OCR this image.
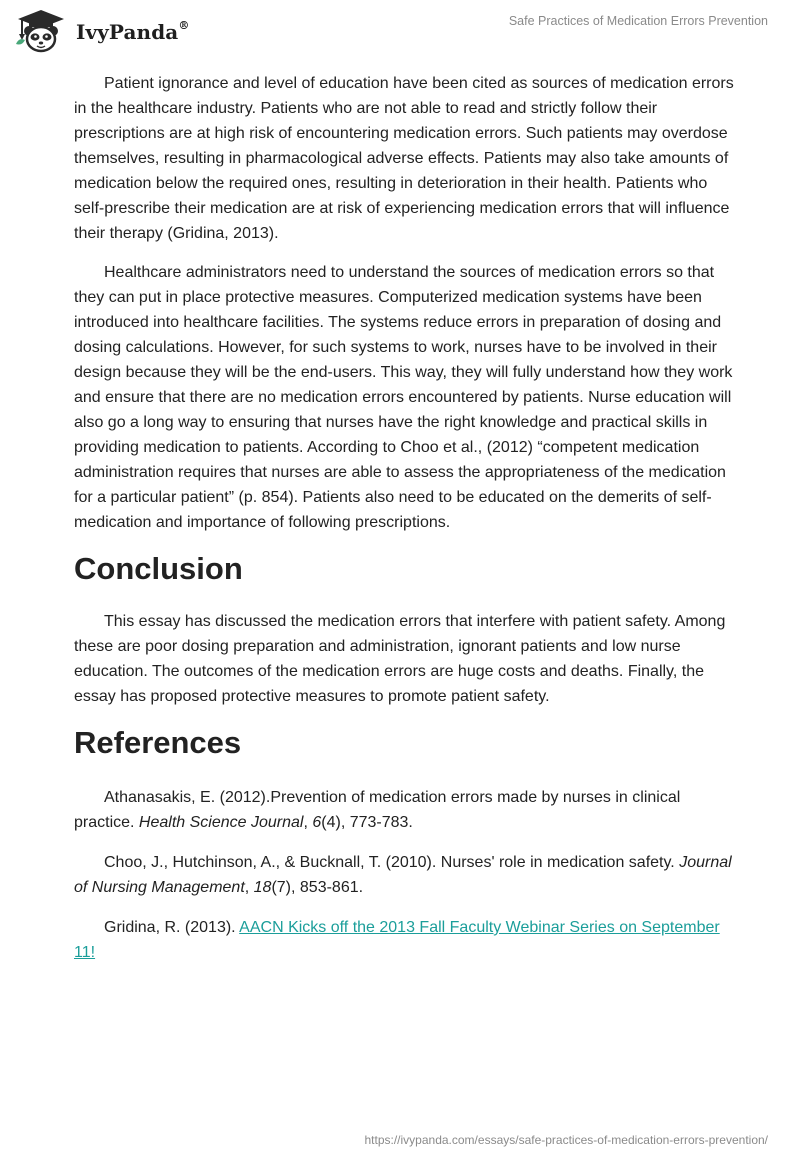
IvyPanda®	Safe Practices of Medication Errors Prevention

Patient ignorance and level of education have been cited as sources of medication errors in the healthcare industry. Patients who are not able to read and strictly follow their prescriptions are at high risk of encountering medication errors. Such patients may overdose themselves, resulting in pharmacological adverse effects. Patients may also take amounts of medication below the required ones, resulting in deterioration in their health. Patients who self-prescribe their medication are at risk of experiencing medication errors that will influence their therapy (Gridina, 2013).

Healthcare administrators need to understand the sources of medication errors so that they can put in place protective measures. Computerized medication systems have been introduced into healthcare facilities. The systems reduce errors in preparation of dosing and dosing calculations. However, for such systems to work, nurses have to be involved in their design because they will be the end-users. This way, they will fully understand how they work and ensure that there are no medication errors encountered by patients. Nurse education will also go a long way to ensuring that nurses have the right knowledge and practical skills in providing medication to patients. According to Choo et al., (2012) “competent medication administration requires that nurses are able to assess the appropriateness of the medication for a particular patient” (p. 854). Patients also need to be educated on the demerits of self-medication and importance of following prescriptions.

Conclusion

This essay has discussed the medication errors that interfere with patient safety. Among these are poor dosing preparation and administration, ignorant patients and low nurse education. The outcomes of the medication errors are huge costs and deaths. Finally, the essay has proposed protective measures to promote patient safety.

References

Athanasakis, E. (2012).Prevention of medication errors made by nurses in clinical practice. Health Science Journal, 6(4), 773-783.

Choo, J., Hutchinson, A., & Bucknall, T. (2010). Nurses' role in medication safety. Journal of Nursing Management, 18(7), 853-861.

Gridina, R. (2013). AACN Kicks off the 2013 Fall Faculty Webinar Series on September 11!

https://ivypanda.com/essays/safe-practices-of-medication-errors-prevention/
